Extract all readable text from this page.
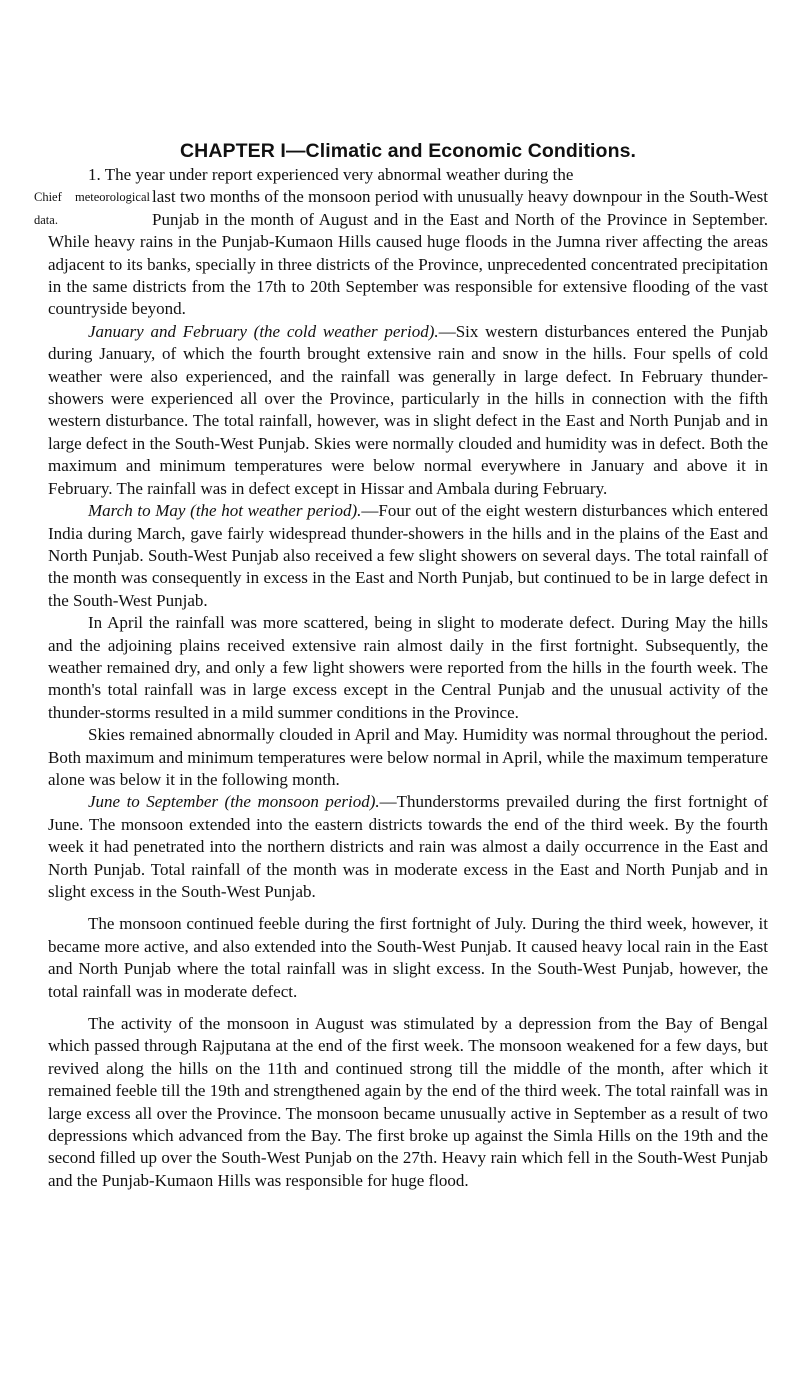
CHAPTER I—Climatic and Economic Conditions.

1. The year under report experienced very abnormal weather during the

Chief meteorological
data.
last two months of the monsoon period with unusually heavy downpour in the South-West Punjab in the month of August and in the East and North of the Province in September. While heavy rains in the Punjab-Kumaon Hills caused huge floods in the Jumna river affecting the areas adjacent to its banks, specially in three districts of the Province, unprecedented concentrated precipitation in the same districts from the 17th to 20th September was responsible for extensive flooding of the vast countryside beyond.

January and February (the cold weather period).—Six western disturbances entered the Punjab during January, of which the fourth brought extensive rain and snow in the hills. Four spells of cold weather were also experienced, and the rainfall was generally in large defect. In February thunder-showers were experienced all over the Province, particularly in the hills in connection with the fifth western disturbance. The total rainfall, however, was in slight defect in the East and North Punjab and in large defect in the South-West Punjab. Skies were normally clouded and humidity was in defect. Both the maximum and minimum temperatures were below normal everywhere in January and above it in February. The rainfall was in defect except in Hissar and Ambala during February.

March to May (the hot weather period).—Four out of the eight western disturbances which entered India during March, gave fairly widespread thunder-showers in the hills and in the plains of the East and North Punjab. South-West Punjab also received a few slight showers on several days. The total rainfall of the month was consequently in excess in the East and North Punjab, but continued to be in large defect in the South-West Punjab.

In April the rainfall was more scattered, being in slight to moderate defect. During May the hills and the adjoining plains received extensive rain almost daily in the first fortnight. Subsequently, the weather remained dry, and only a few light showers were reported from the hills in the fourth week. The month's total rainfall was in large excess except in the Central Punjab and the unusual activity of the thunder-storms resulted in a mild summer conditions in the Province.

Skies remained abnormally clouded in April and May. Humidity was normal throughout the period. Both maximum and minimum temperatures were below normal in April, while the maximum temperature alone was below it in the following month.

June to September (the monsoon period).—Thunderstorms prevailed during the first fortnight of June. The monsoon extended into the eastern districts towards the end of the third week. By the fourth week it had penetrated into the northern districts and rain was almost a daily occurrence in the East and North Punjab. Total rainfall of the month was in moderate excess in the East and North Punjab and in slight excess in the South-West Punjab.

The monsoon continued feeble during the first fortnight of July. During the third week, however, it became more active, and also extended into the South-West Punjab. It caused heavy local rain in the East and North Punjab where the total rainfall was in slight excess. In the South-West Punjab, however, the total rainfall was in moderate defect.

The activity of the monsoon in August was stimulated by a depression from the Bay of Bengal which passed through Rajputana at the end of the first week. The monsoon weakened for a few days, but revived along the hills on the 11th and continued strong till the middle of the month, after which it remained feeble till the 19th and strengthened again by the end of the third week. The total rainfall was in large excess all over the Province. The monsoon became unusually active in September as a result of two depressions which advanced from the Bay. The first broke up against the Simla Hills on the 19th and the second filled up over the South-West Punjab on the 27th. Heavy rain which fell in the South-West Punjab and the Punjab-Kumaon Hills was responsible for huge flood.
